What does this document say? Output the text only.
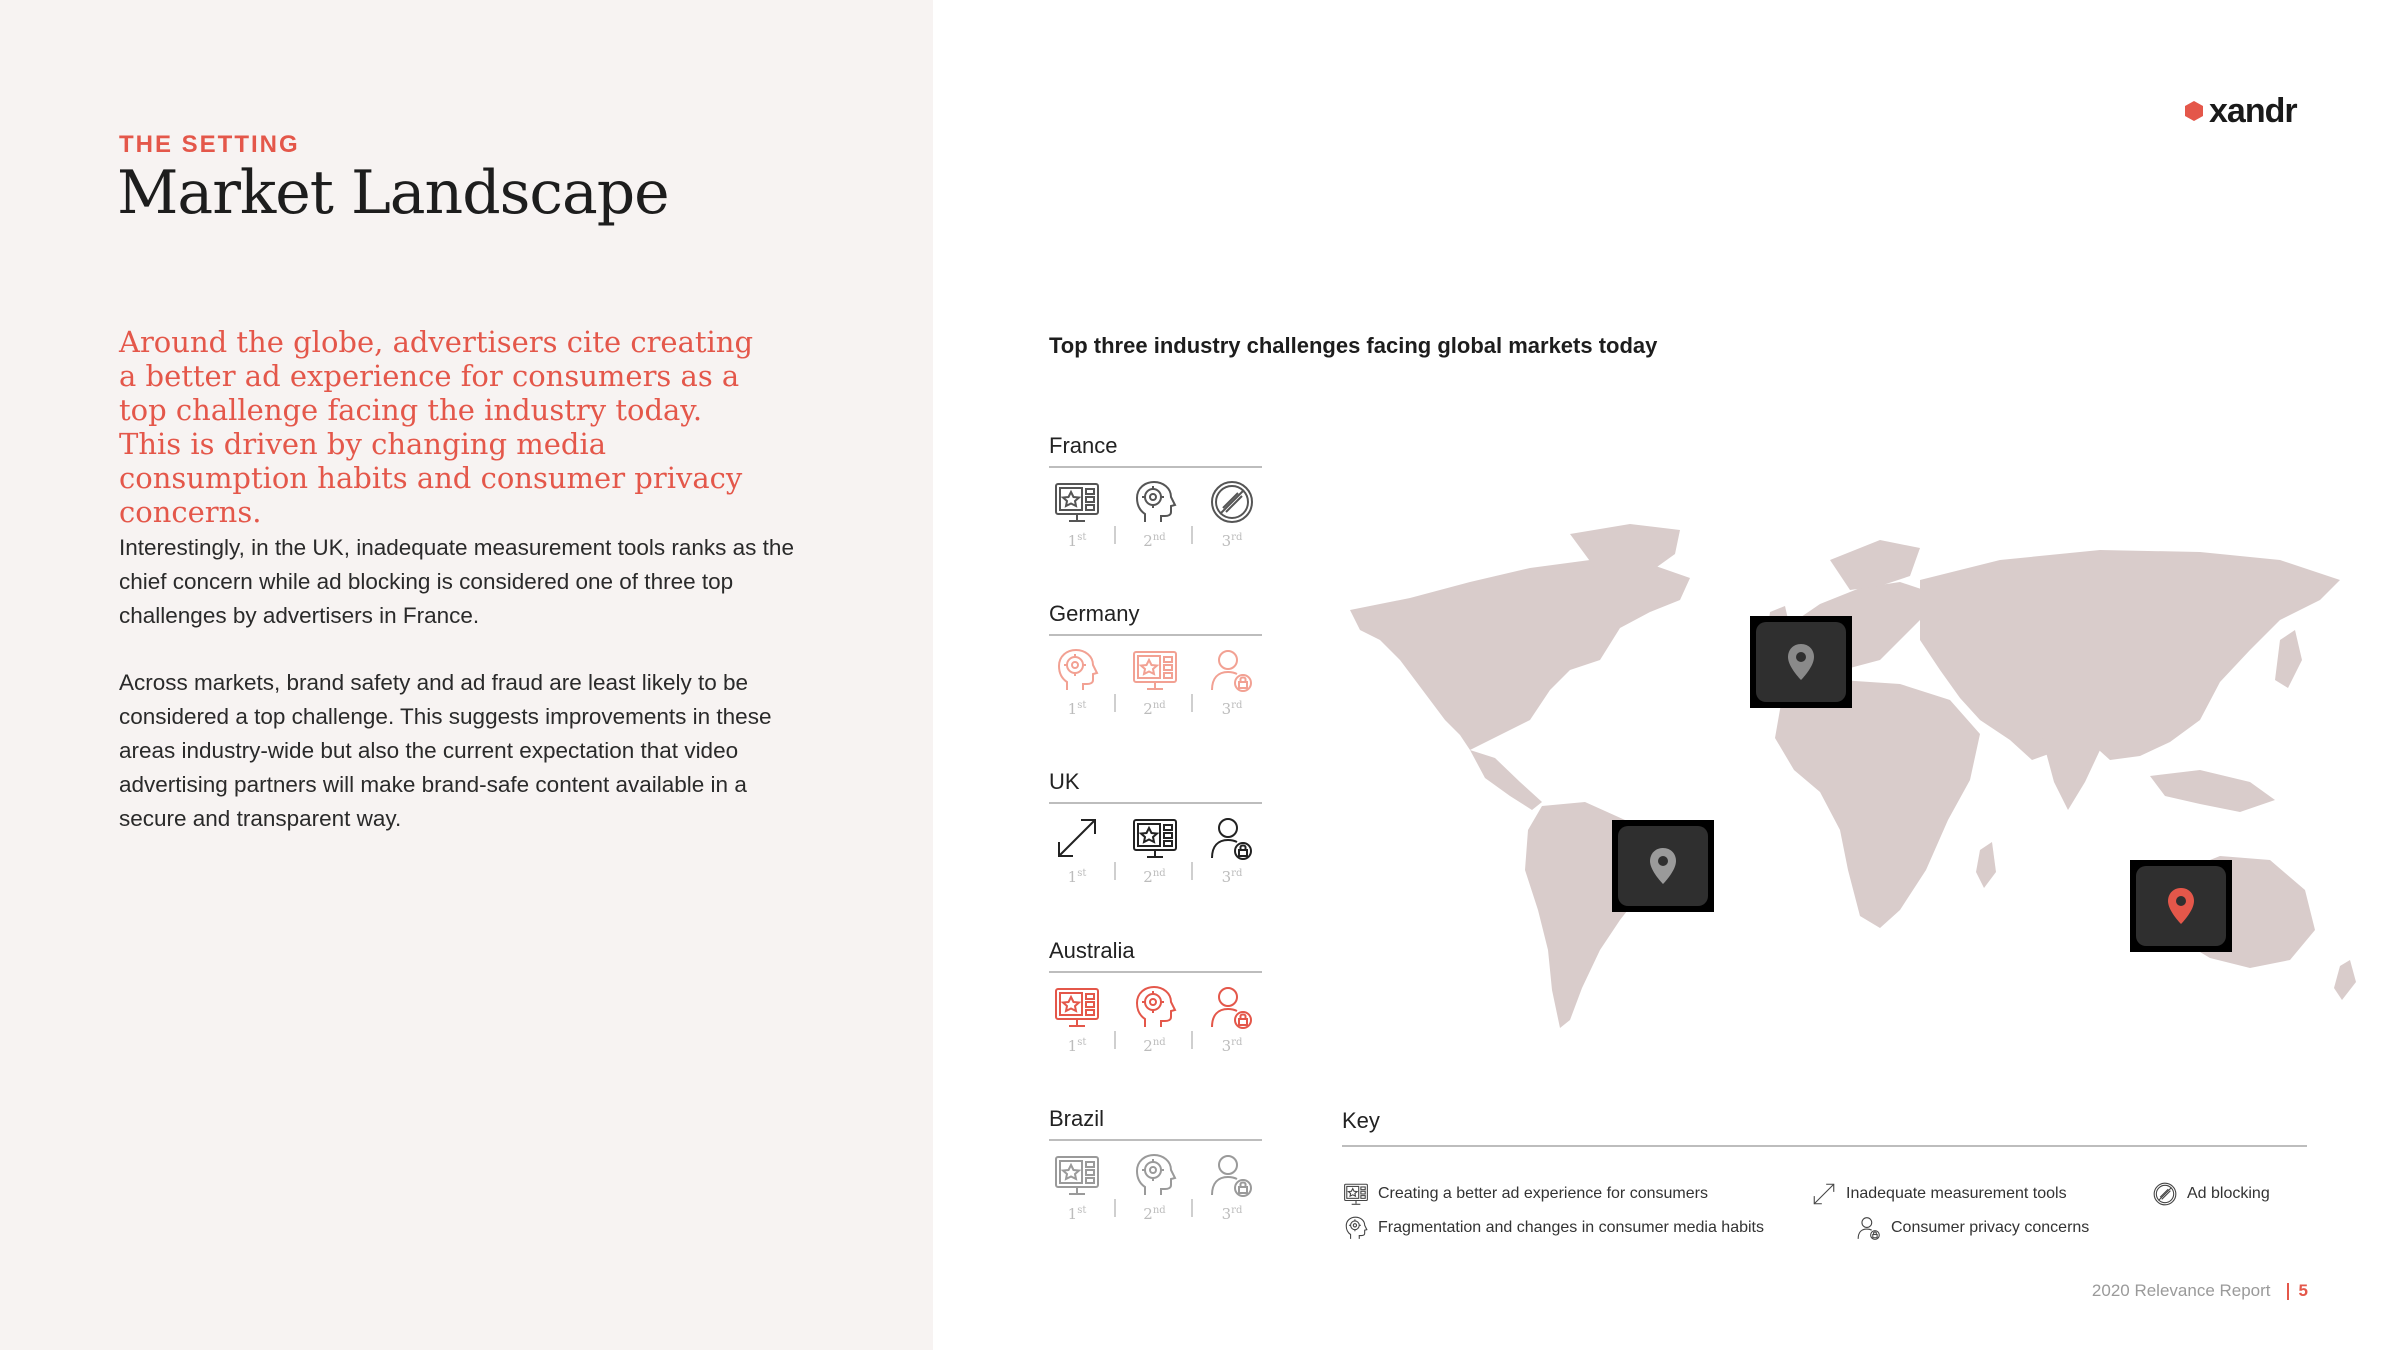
THE SETTING
Market Landscape
Around the globe, advertisers cite creating a better ad experience for consumers as a top challenge facing the industry today. This is driven by changing media consumption habits and consumer privacy concerns.
Interestingly, in the UK, inadequate measurement tools ranks as the chief concern while ad blocking is considered one of three top challenges by advertisers in France.
Across markets, brand safety and ad fraud are least likely to be considered a top challenge. This suggests improvements in these areas industry-wide but also the current expectation that video advertising partners will make brand-safe content available in a secure and transparent way.
xandr
Top three industry challenges facing global markets today
France
1st	2nd	3rd
Germany
1st	2nd	3rd
UK
1st	2nd	3rd
Australia
1st	2nd	3rd
Brazil
1st	2nd	3rd
Key
Creating a better ad experience for consumers	Inadequate measurement tools	Ad blocking
Fragmentation and changes in consumer media habits	Consumer privacy concerns
2020 Relevance Report 5
